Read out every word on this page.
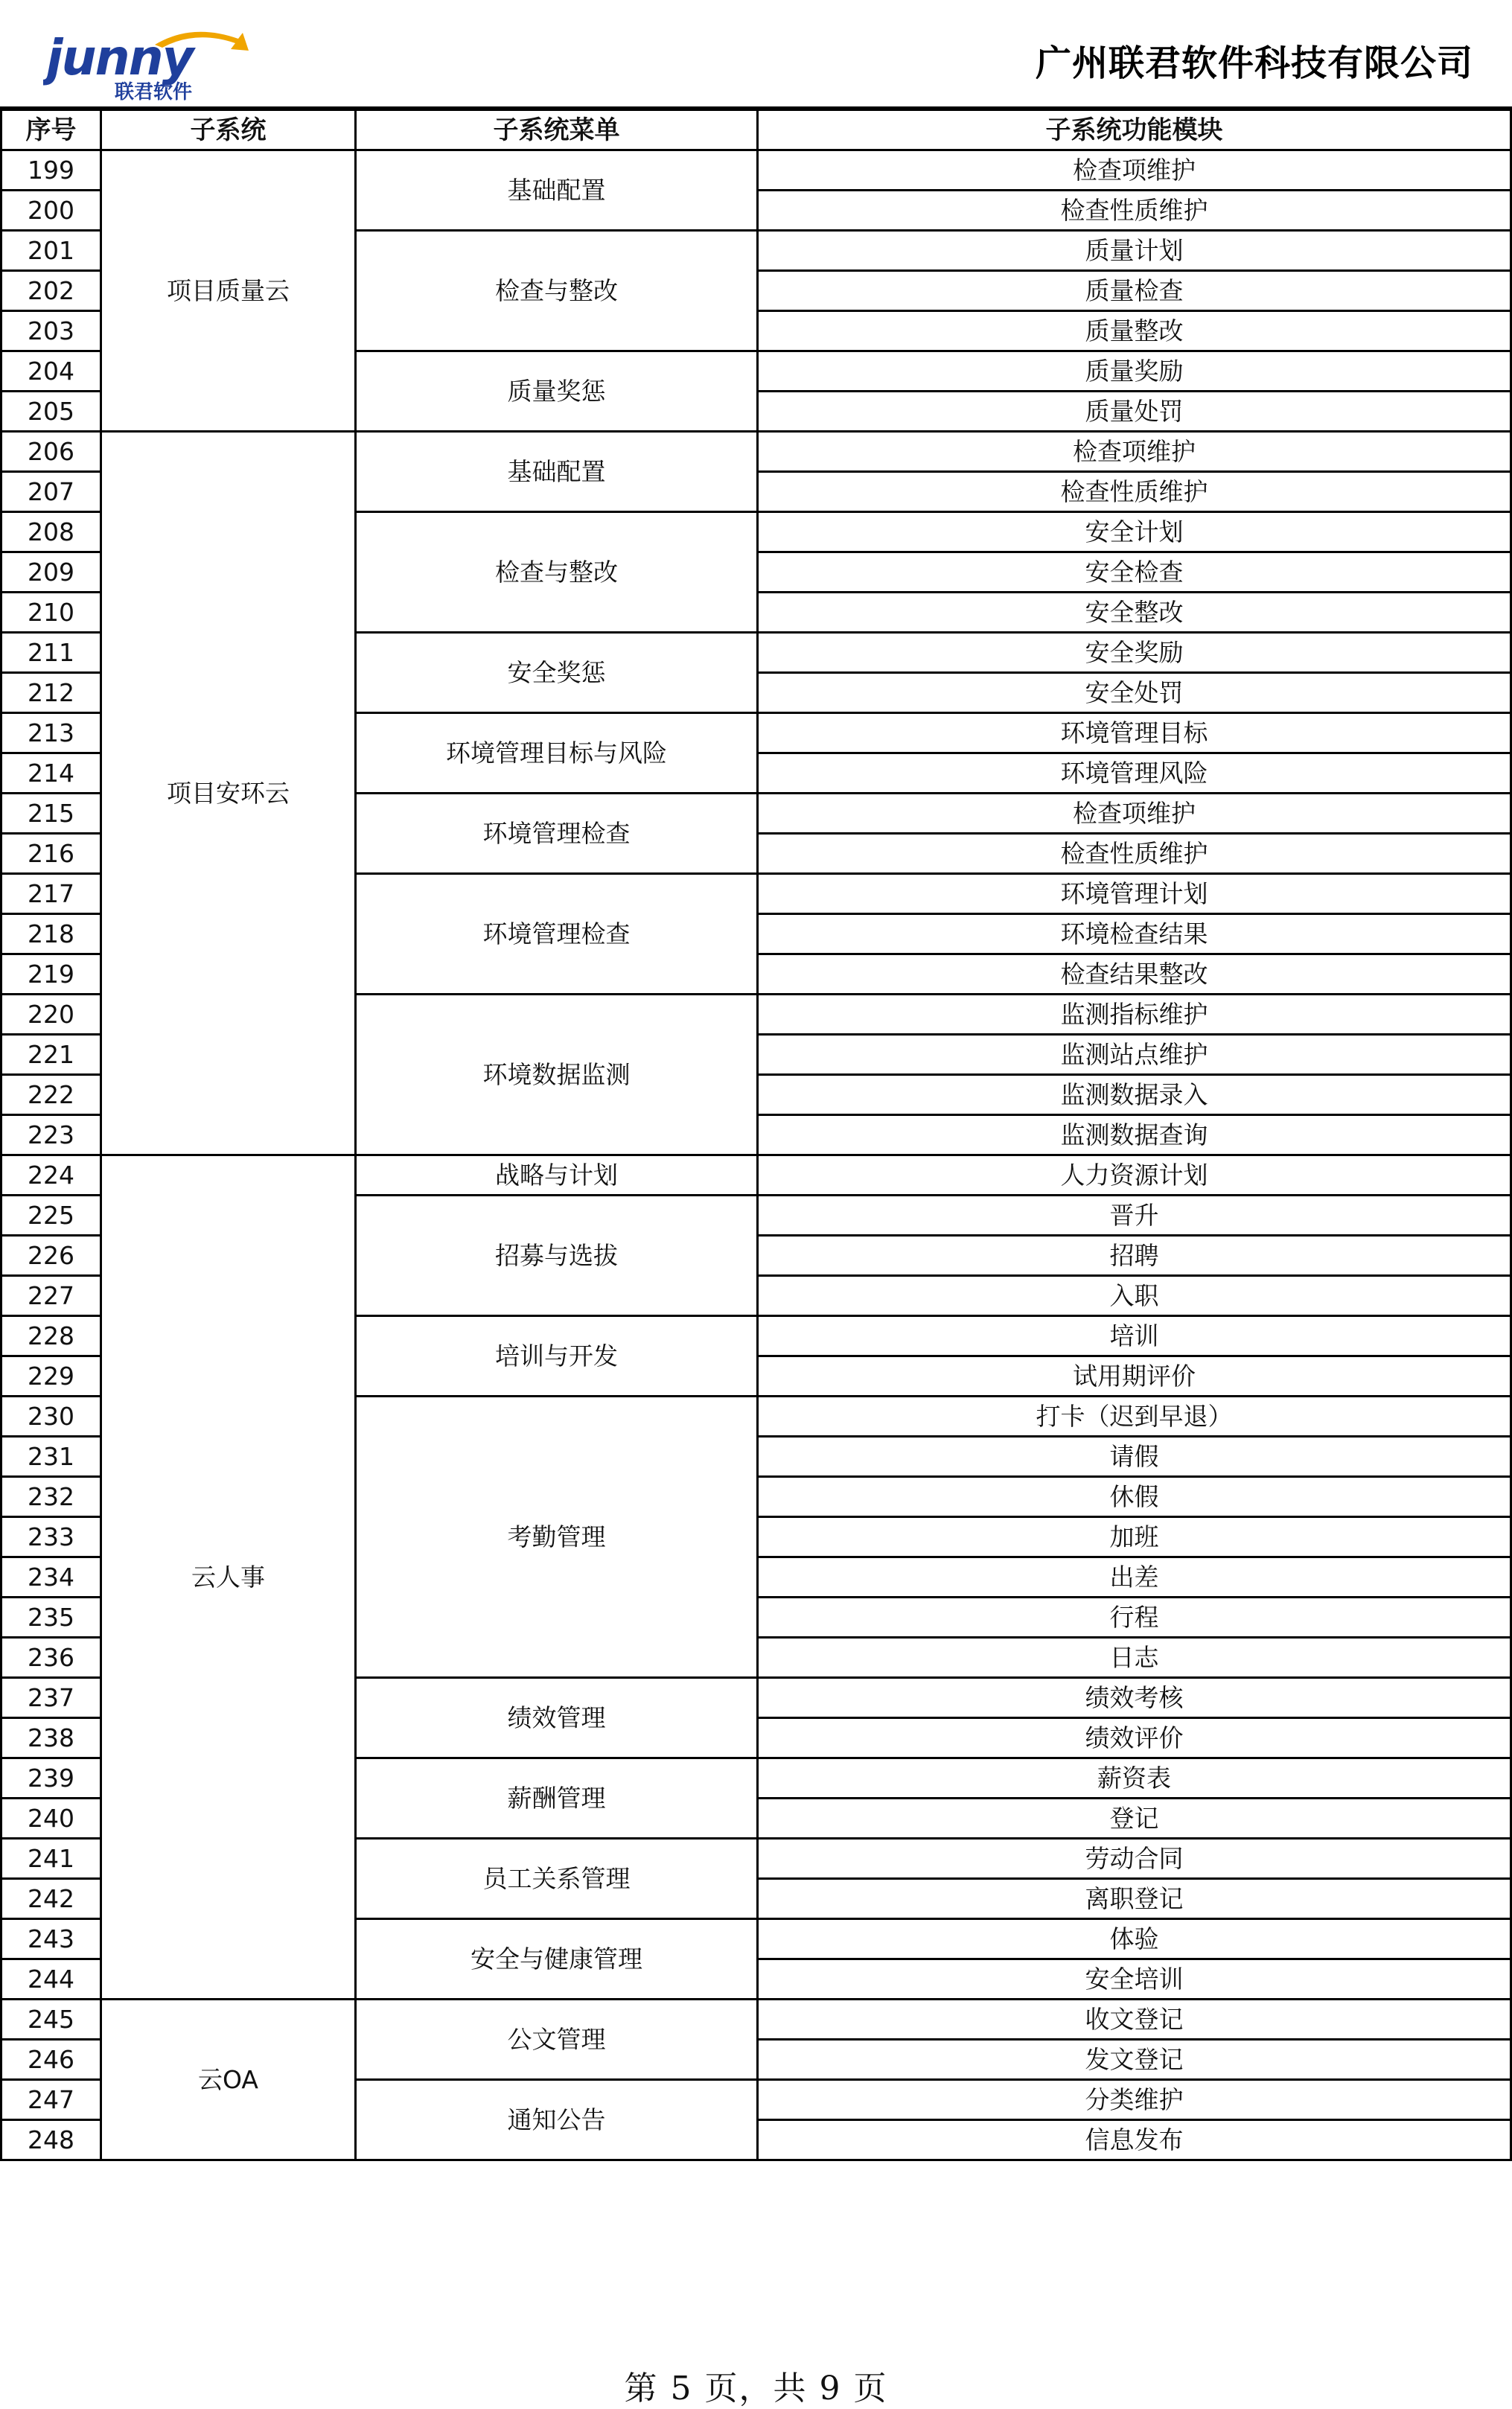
junny
联君软件
广州联君软件科技有限公司
序号	子系统	子系统菜单	子系统功能模块
199	项目质量云	基础配置	检查项维护
200			检查性质维护
201		检查与整改	质量计划
202			质量检查
203			质量整改
204		质量奖惩	质量奖励
205			质量处罚
206	项目安环云	基础配置	检查项维护
207			检查性质维护
208		检查与整改	安全计划
209			安全检查
210			安全整改
211		安全奖惩	安全奖励
212			安全处罚
213		环境管理目标与风险	环境管理目标
214			环境管理风险
215		环境管理检查	检查项维护
216			检查性质维护
217		环境管理检查	环境管理计划
218			环境检查结果
219			检查结果整改
220		环境数据监测	监测指标维护
221			监测站点维护
222			监测数据录入
223			监测数据查询
224	云人事	战略与计划	人力资源计划
225		招募与选拔	晋升
226			招聘
227			入职
228		培训与开发	培训
229			试用期评价
230		考勤管理	打卡（迟到早退）
231			请假
232			休假
233			加班
234			出差
235			行程
236			日志
237		绩效管理	绩效考核
238			绩效评价
239		薪酬管理	薪资表
240			登记
241		员工关系管理	劳动合同
242			离职登记
243		安全与健康管理	体验
244			安全培训
245	云OA	公文管理	收文登记
246			发文登记
247		通知公告	分类维护
248			信息发布
第 5 页，共 9 页
